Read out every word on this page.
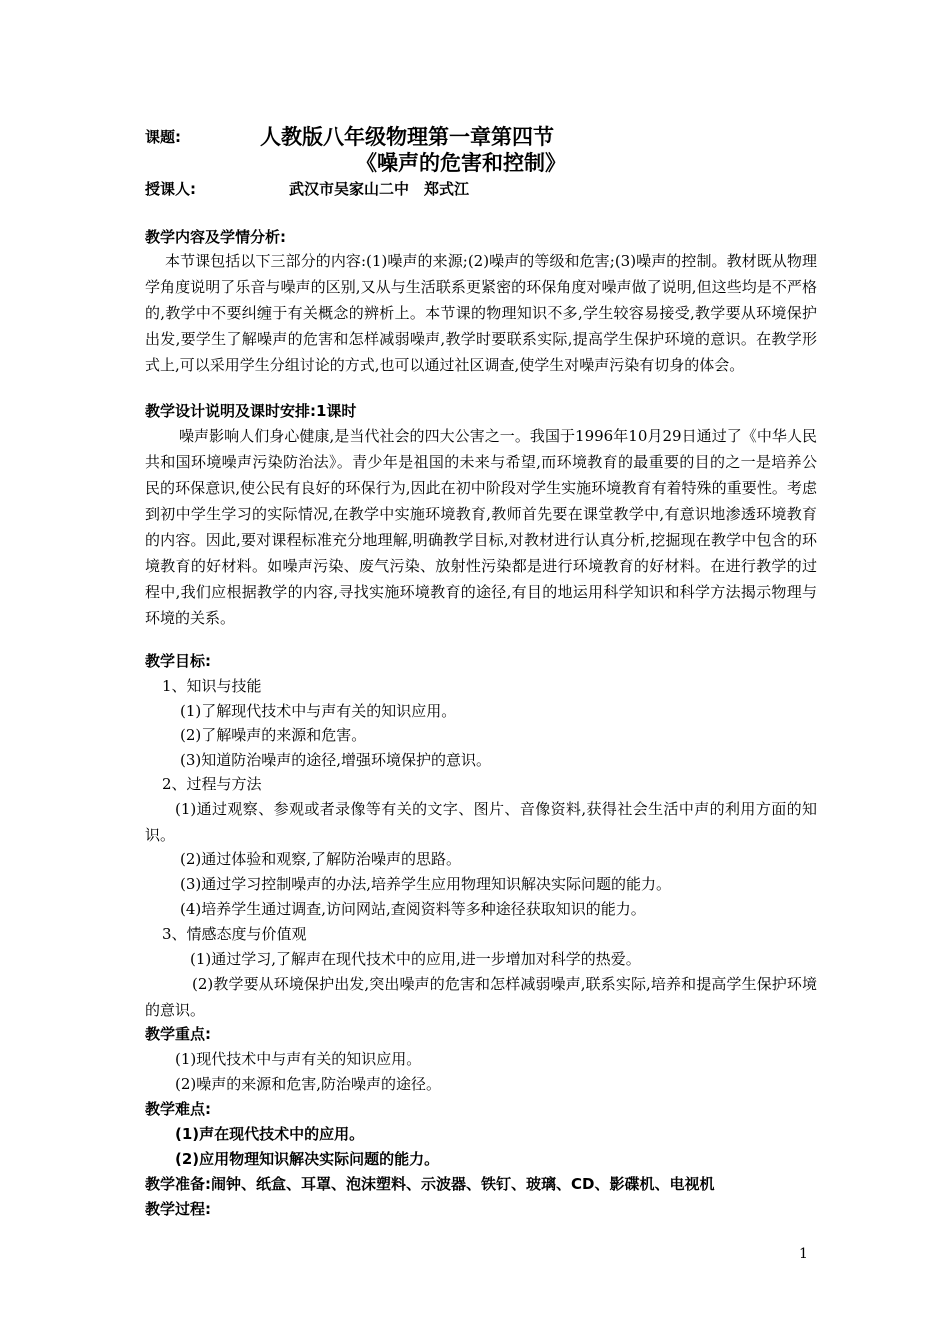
课题:	人教版八年级物理第一章第四节
《噪声的危害和控制》
授课人:	武汉市吴家山二中　郑式江
教学内容及学情分析:
本节课包括以下三部分的内容:(1)噪声的来源;(2)噪声的等级和危害;(3)噪声的控制。教材既从物理学角度说明了乐音与噪声的区别,又从与生活联系更紧密的环保角度对噪声做了说明,但这些均是不严格的,教学中不要纠缠于有关概念的辨析上。本节课的物理知识不多,学生较容易接受,教学要从环境保护出发,要学生了解噪声的危害和怎样减弱噪声,教学时要联系实际,提高学生保护环境的意识。在教学形式上,可以采用学生分组讨论的方式,也可以通过社区调查,使学生对噪声污染有切身的体会。
教学设计说明及课时安排:1课时
噪声影响人们身心健康,是当代社会的四大公害之一。我国于1996年10月29日通过了《中华人民共和国环境噪声污染防治法》。青少年是祖国的未来与希望,而环境教育的最重要的目的之一是培养公民的环保意识,使公民有良好的环保行为,因此在初中阶段对学生实施环境教育有着特殊的重要性。考虑到初中学生学习的实际情况,在教学中实施环境教育,教师首先要在课堂教学中,有意识地渗透环境教育的内容。因此,要对课程标准充分地理解,明确教学目标,对教材进行认真分析,挖掘现在教学中包含的环境教育的好材料。如噪声污染、废气污染、放射性污染都是进行环境教育的好材料。在进行教学的过程中,我们应根据教学的内容,寻找实施环境教育的途径,有目的地运用科学知识和科学方法揭示物理与环境的关系。
教学目标:
1、知识与技能
(1)了解现代技术中与声有关的知识应用。
(2)了解噪声的来源和危害。
(3)知道防治噪声的途径,增强环境保护的意识。
2、过程与方法
(1)通过观察、参观或者录像等有关的文字、图片、音像资料,获得社会生活中声的利用方面的知识。
(2)通过体验和观察,了解防治噪声的思路。
(3)通过学习控制噪声的办法,培养学生应用物理知识解决实际问题的能力。
(4)培养学生通过调查,访问网站,查阅资料等多种途径获取知识的能力。
3、情感态度与价值观
(1)通过学习,了解声在现代技术中的应用,进一步增加对科学的热爱。
(2)教学要从环境保护出发,突出噪声的危害和怎样减弱噪声,联系实际,培养和提高学生保护环境的意识。
教学重点:
(1)现代技术中与声有关的知识应用。
(2)噪声的来源和危害,防治噪声的途径。
教学难点:
(1)声在现代技术中的应用。
(2)应用物理知识解决实际问题的能力。
教学准备:闹钟、纸盒、耳罩、泡沫塑料、示波器、铁钉、玻璃、CD、影碟机、电视机
教学过程:
1
